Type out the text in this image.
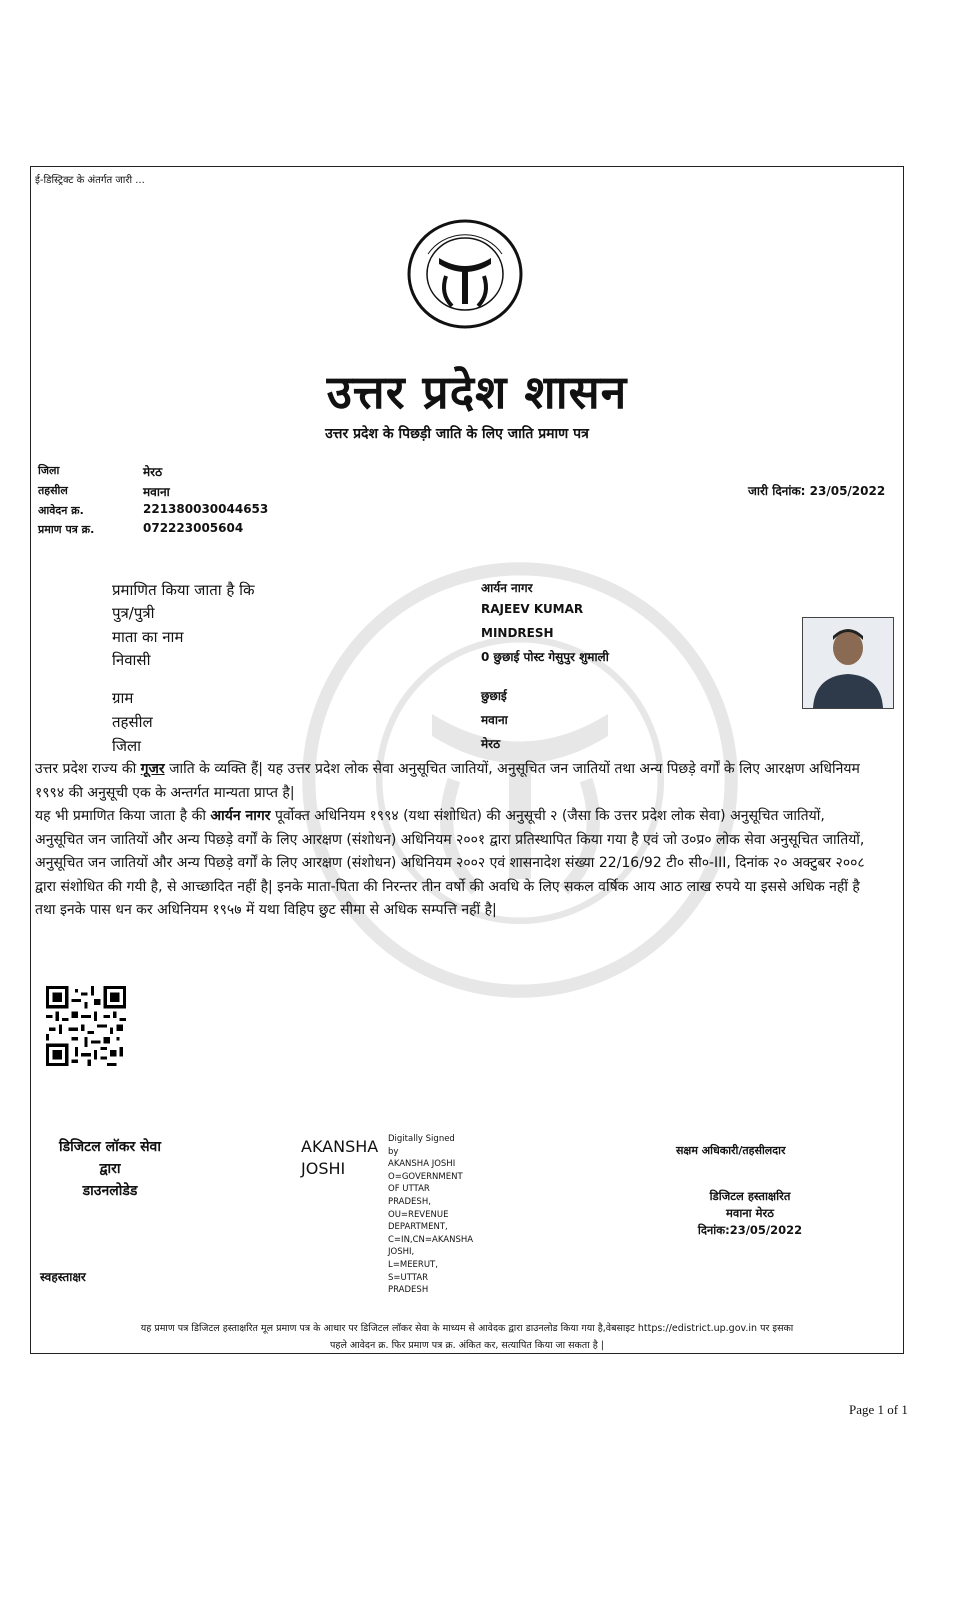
ई-डिस्ट्रिक्ट के अंतर्गत जारी ...
उत्तर प्रदेश शासन
उत्तर प्रदेश के पिछड़ी जाति के लिए जाति प्रमाण पत्र
जिला	मेरठ
तहसील	मवाना
आवेदन क्र.	221380030044653
प्रमाण पत्र क्र.	072223005604
जारी दिनांक: 23/05/2022
प्रमाणित किया जाता है कि	आर्यन नागर
पुत्र/पुत्री	RAJEEV KUMAR
माता का नाम	MINDRESH
निवासी	0 छुछाई पोस्ट गेसुपुर शुमाली
ग्राम	छुछाई
तहसील	मवाना
जिला	मेरठ

उत्तर प्रदेश राज्य की गूजर जाति के व्यक्ति हैं| यह उत्तर प्रदेश लोक सेवा अनुसूचित जातियों, अनुसूचित जन जातियों तथा अन्य पिछड़े वर्गों के लिए आरक्षण अधिनियम १९९४ की अनुसूची एक के अन्तर्गत मान्यता प्राप्त है|
यह भी प्रमाणित किया जाता है की आर्यन नागर पूर्वोक्त अधिनियम १९९४ (यथा संशोधित) की अनुसूची २ (जैसा कि उत्तर प्रदेश लोक सेवा) अनुसूचित जातियों, अनुसूचित जन जातियों और अन्य पिछड़े वर्गों के लिए आरक्षण (संशोधन) अधिनियम २००१ द्वारा प्रतिस्थापित किया गया है एवं जो उ०प्र० लोक सेवा अनुसूचित जातियों, अनुसूचित जन जातियों और अन्य पिछड़े वर्गों के लिए आरक्षण (संशोधन) अधिनियम २००२ एवं शासनादेश संख्या 22/16/92 टी० सी०-III, दिनांक २० अक्टुबर २००८ द्वारा संशोधित की गयी है, से आच्छादित नहीं है| इनके माता-पिता की निरन्तर तीन वर्षो की अवधि के लिए सकल वर्षिक आय आठ लाख रुपये या इससे अधिक नहीं है तथा इनके पास धन कर अधिनियम १९५७ में यथा विहिप छुट सीमा से अधिक सम्पत्ति नहीं है|

डिजिटल लॉकर सेवा
द्वारा
डाउनलोडेड
स्वहस्ताक्षर
AKANSHA
JOSHI
Digitally Signed
by
AKANSHA JOSHI
O=GOVERNMENT
OF UTTAR
PRADESH,
OU=REVENUE
DEPARTMENT,
C=IN,CN=AKANSHA
JOSHI,
L=MEERUT,
S=UTTAR
PRADESH
सक्षम अधिकारी/तहसीलदार
डिजिटल हस्ताक्षरित
मवाना मेरठ
दिनांक:23/05/2022
यह प्रमाण पत्र डिजिटल हस्ताक्षरित मूल प्रमाण पत्र के आधार पर डिजिटल लॉकर सेवा के माध्यम से आवेदक द्वारा डाउनलोड किया गया है,वेबसाइट https://edistrict.up.gov.in पर इसका
पहले आवेदन क्र. फिर प्रमाण पत्र क्र. अंकित कर, सत्यापित किया जा सकता है |
Page 1 of 1
